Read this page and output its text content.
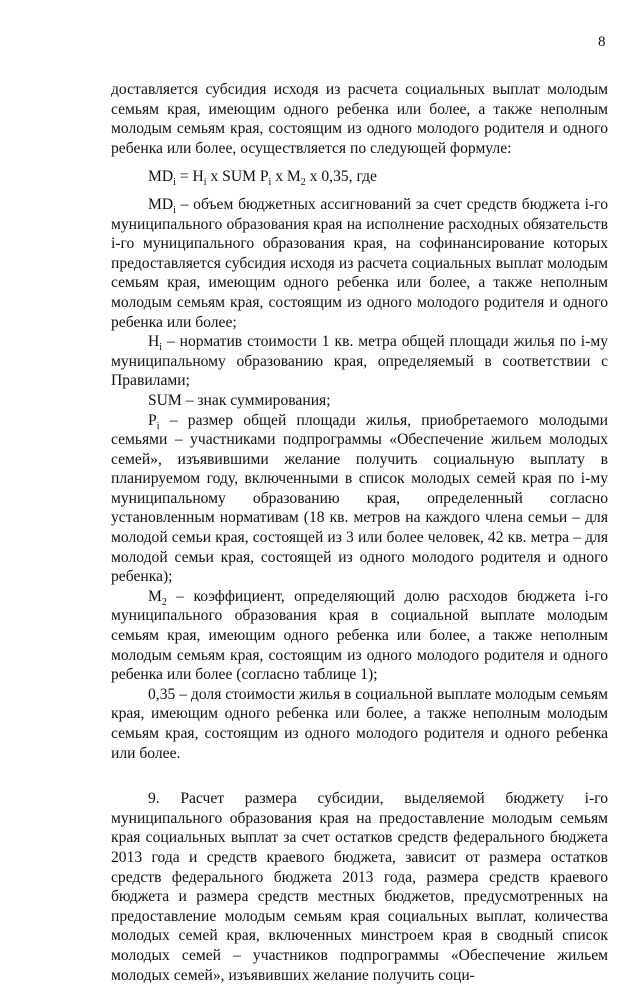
8

доставляется субсидия исходя из расчета социальных выплат молодым семьям края, имеющим одного ребенка или более, а также неполным молодым семьям края, состоящим из одного молодого родителя и одного ребенка или более, осуществляется по следующей формуле:

$MD_i = H_i$ x SUM $P_i$ x $M_2$ x 0,35, где

$MD_i$ – объем бюджетных ассигнований за счет средств бюджета i-го муниципального образования края на исполнение расходных обязательств i-го муниципального образования края, на софинансирование которых предоставляется субсидия исходя из расчета социальных выплат молодым семьям края, имеющим одного ребенка или более, а также неполным молодым семьям края, состоящим из одного молодого родителя и одного ребенка или более;

$H_i$ – норматив стоимости 1 кв. метра общей площади жилья по i-му муниципальному образованию края, определяемый в соответствии с Правилами;

SUM – знак суммирования;

$P_i$ – размер общей площади жилья, приобретаемого молодыми семьями – участниками подпрограммы «Обеспечение жильем молодых семей», изъявившими желание получить социальную выплату в планируемом году, включенными в список молодых семей края по i-му муниципальному образованию края, определенный согласно установленным нормативам (18 кв. метров на каждого члена семьи – для молодой семьи края, состоящей из 3 или более человек, 42 кв. метра – для молодой семьи края, состоящей из одного молодого родителя и одного ребенка);

$M_2$ – коэффициент, определяющий долю расходов бюджета i-го муниципального образования края в социальной выплате молодым семьям края, имеющим одного ребенка или более, а также неполным молодым семьям края, состоящим из одного молодого родителя и одного ребенка или более (согласно таблице 1);

0,35 – доля стоимости жилья в социальной выплате молодым семьям края, имеющим одного ребенка или более, а также неполным молодым семьям края, состоящим из одного молодого родителя и одного ребенка или более.

9. Расчет размера субсидии, выделяемой бюджету i-го муниципального образования края на предоставление молодым семьям края социальных выплат за счет остатков средств федерального бюджета 2013 года и средств краевого бюджета, зависит от размера остатков средств федерального бюджета 2013 года, размера средств краевого бюджета и размера средств местных бюджетов, предусмотренных на предоставление молодым семьям края социальных выплат, количества молодых семей края, включенных минстроем края в сводный список молодых семей – участников подпрограммы «Обеспечение жильем молодых семей», изъявивших желание получить соци-
